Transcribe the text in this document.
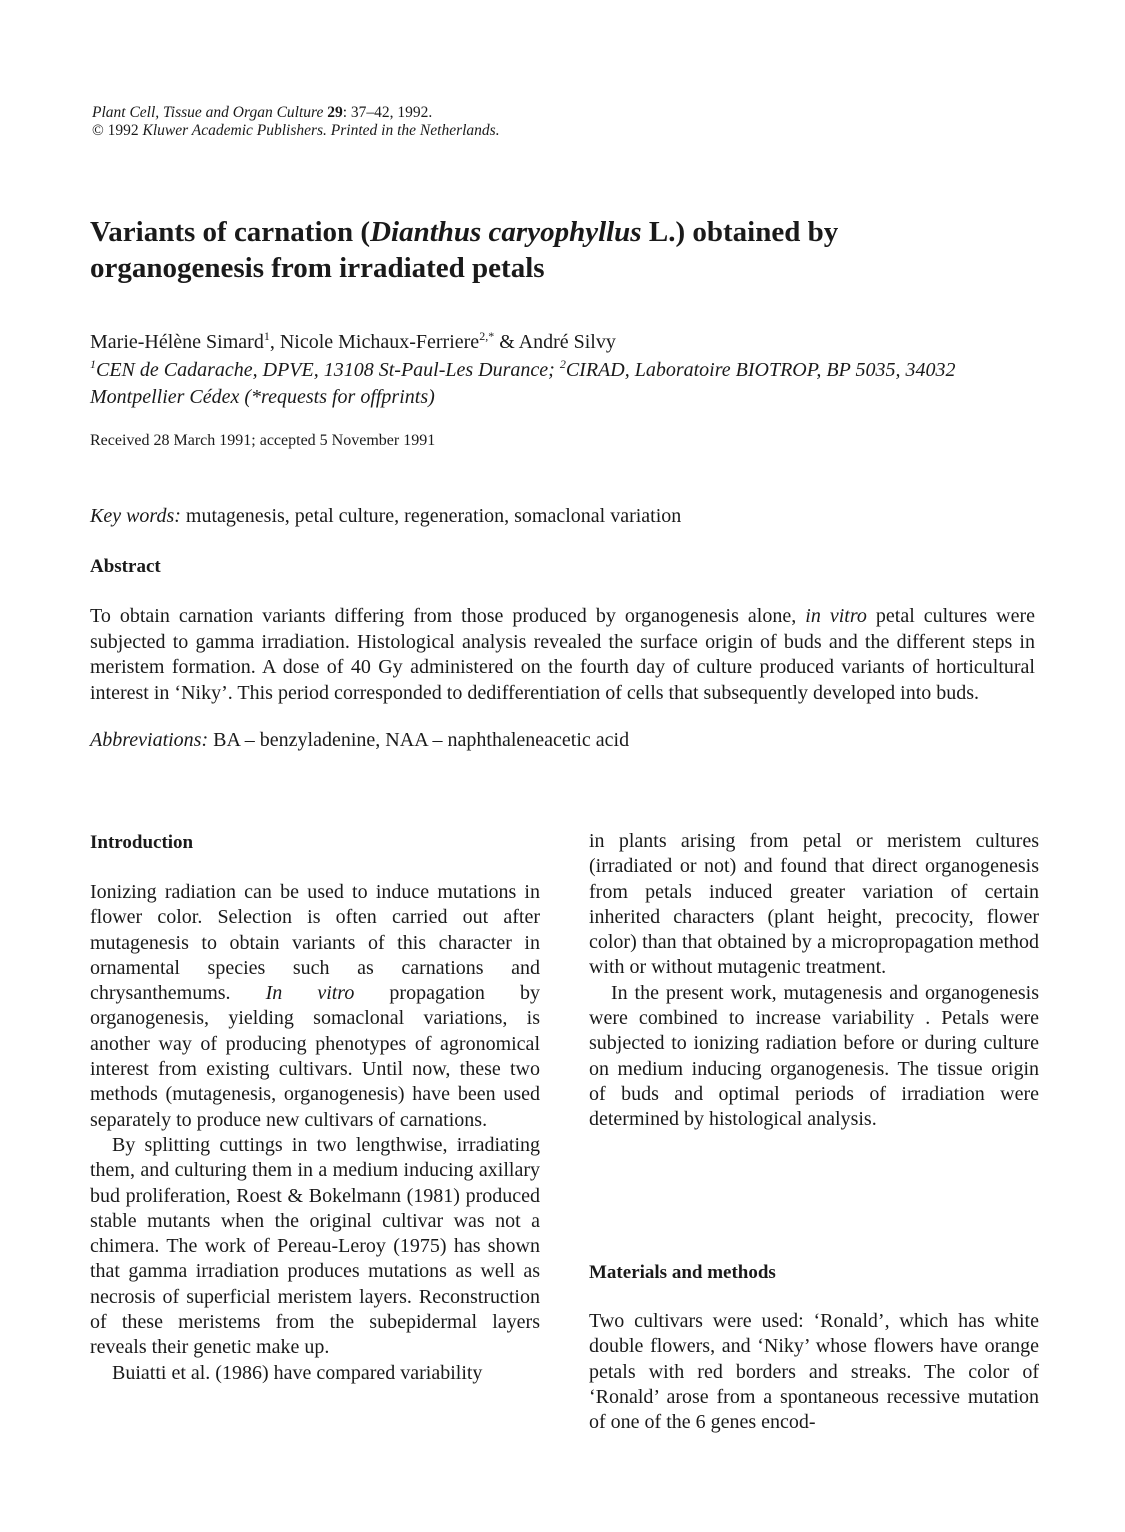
Plant Cell, Tissue and Organ Culture 29: 37–42, 1992.
© 1992 Kluwer Academic Publishers. Printed in the Netherlands.
Variants of carnation (Dianthus caryophyllus L.) obtained by
organogenesis from irradiated petals
Marie-Hélène Simard$^1$, Nicole Michaux-Ferriere$^{2,*}$ & André Silvy
$^1$CEN de Cadarache, DPVE, 13108 St-Paul-Les Durance; $^2$CIRAD, Laboratoire BIOTROP, BP 5035, 34032 Montpellier Cédex (*requests for offprints)
Received 28 March 1991; accepted 5 November 1991
Key words: mutagenesis, petal culture, regeneration, somaclonal variation
Abstract
To obtain carnation variants differing from those produced by organogenesis alone, in vitro petal cultures were subjected to gamma irradiation. Histological analysis revealed the surface origin of buds and the different steps in meristem formation. A dose of 40 Gy administered on the fourth day of culture produced variants of horticultural interest in ‘Niky’. This period corresponded to dedifferentiation of cells that subsequently developed into buds.
Abbreviations: BA – benzyladenine, NAA – naphthaleneacetic acid
Introduction

Ionizing radiation can be used to induce mutations in flower color. Selection is often carried out after mutagenesis to obtain variants of this character in ornamental species such as carnations and chrysanthemums. In vitro propagation by organogenesis, yielding somaclonal variations, is another way of producing phenotypes of agronomical interest from existing cultivars. Until now, these two methods (mutagenesis, organogenesis) have been used separately to produce new cultivars of carnations.

By splitting cuttings in two lengthwise, irradiating them, and culturing them in a medium inducing axillary bud proliferation, Roest & Bokelmann (1981) produced stable mutants when the original cultivar was not a chimera. The work of Pereau-Leroy (1975) has shown that gamma irradiation produces mutations as well as necrosis of superficial meristem layers. Reconstruction of these meristems from the subepidermal layers reveals their genetic make up.

Buiatti et al. (1986) have compared variability

in plants arising from petal or meristem cultures (irradiated or not) and found that direct organogenesis from petals induced greater variation of certain inherited characters (plant height, precocity, flower color) than that obtained by a micropropagation method with or without mutagenic treatment.

In the present work, mutagenesis and organogenesis were combined to increase variability . Petals were subjected to ionizing radiation before or during culture on medium inducing organogenesis. The tissue origin of buds and optimal periods of irradiation were determined by histological analysis.

Materials and methods

Two cultivars were used: ‘Ronald’, which has white double flowers, and ‘Niky’ whose flowers have orange petals with red borders and streaks. The color of ‘Ronald’ arose from a spontaneous recessive mutation of one of the 6 genes encod-
